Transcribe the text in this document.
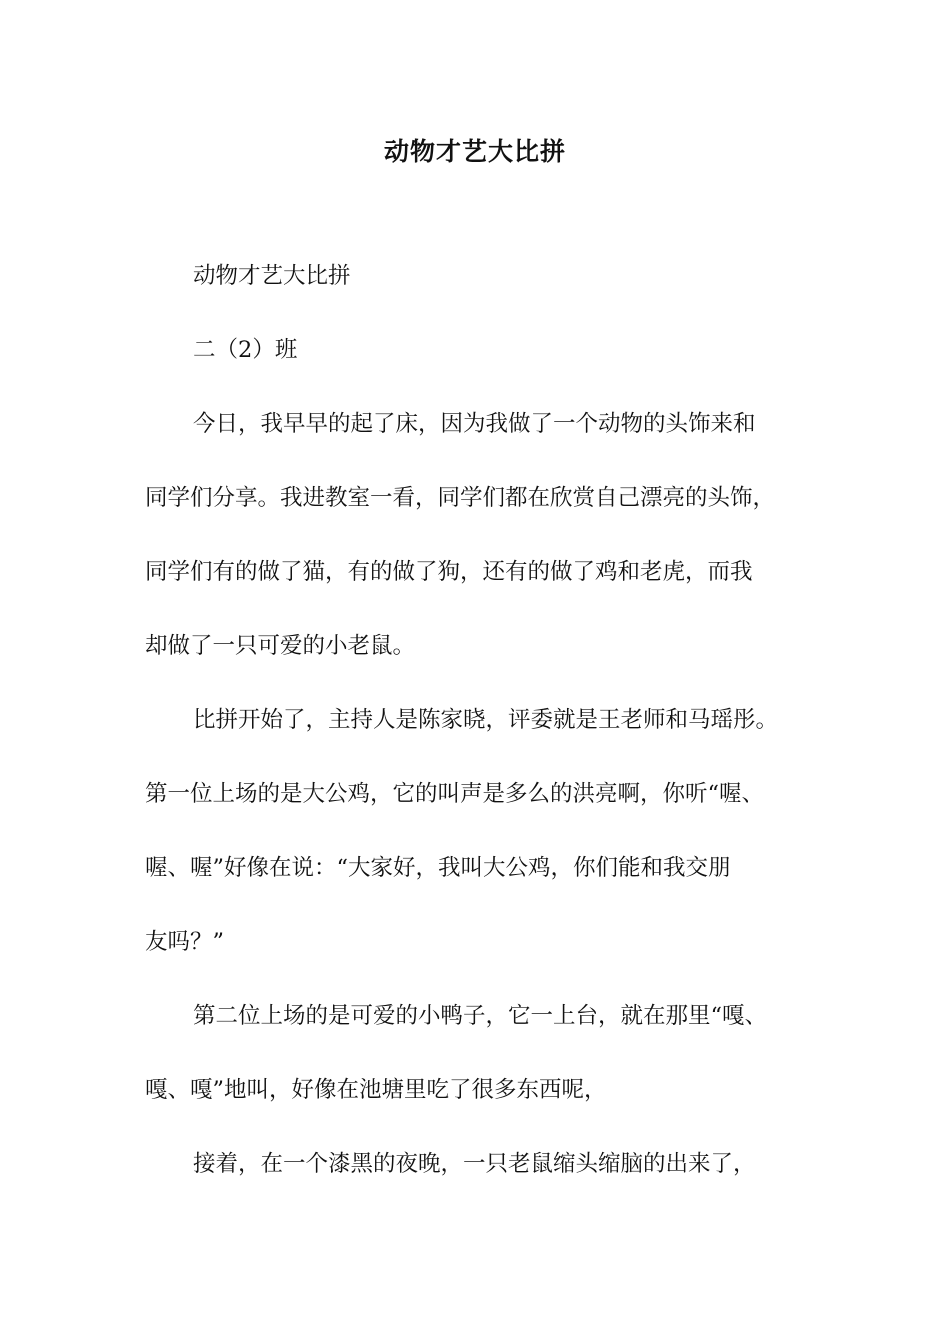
动物才艺大比拼
动物才艺大比拼
二（2）班
今日，我早早的起了床，因为我做了一个动物的头饰来和
同学们分享。我进教室一看，同学们都在欣赏自己漂亮的头饰，
同学们有的做了猫，有的做了狗，还有的做了鸡和老虎，而我
却做了一只可爱的小老鼠。
比拼开始了，主持人是陈家晓，评委就是王老师和马瑶彤。
第一位上场的是大公鸡，它的叫声是多么的洪亮啊，你听“喔、
喔、喔”好像在说：“大家好，我叫大公鸡，你们能和我交朋
友吗？”
第二位上场的是可爱的小鸭子，它一上台，就在那里“嘎、
嘎、嘎”地叫，好像在池塘里吃了很多东西呢，
接着，在一个漆黑的夜晚，一只老鼠缩头缩脑的出来了，
